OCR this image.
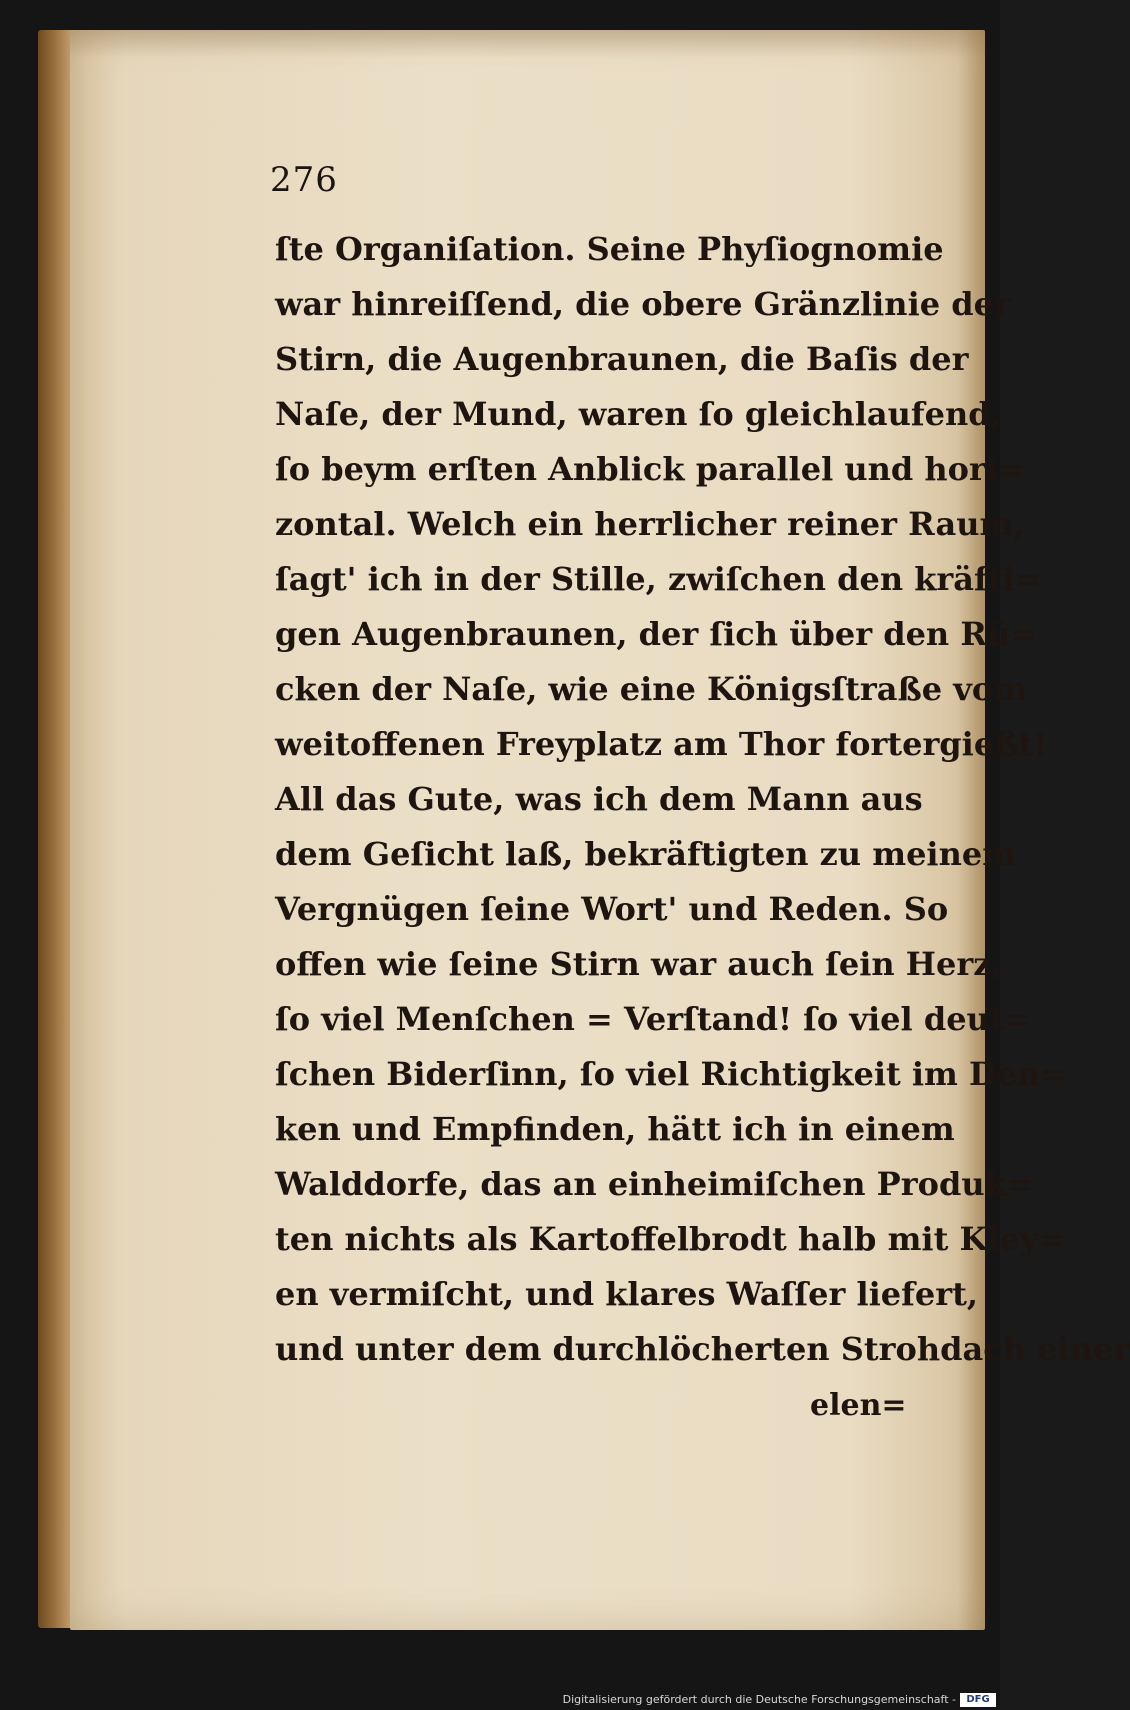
276
ſte Organiſation. Seine Phyſiognomie
war hinreiſſend, die obere Gränzlinie der
Stirn, die Augenbraunen, die Baſis der
Naſe, der Mund, waren ſo gleichlaufend,
ſo beym erſten Anblick parallel und hori=
zontal. Welch ein herrlicher reiner Raum,
ſagt' ich in der Stille, zwiſchen den kräfti=
gen Augenbraunen, der ſich über den Rü=
cken der Naſe, wie eine Königsſtraße vom
weitoffenen Freyplatz am Thor fortergießt!
All das Gute, was ich dem Mann aus
dem Geſicht laß, bekräftigten zu meinem
Vergnügen ſeine Wort' und Reden. So
offen wie ſeine Stirn war auch ſein Herz,
ſo viel Menſchen = Verſtand! ſo viel deut=
ſchen Biderſinn, ſo viel Richtigkeit im Den=
ken und Empfinden, hätt ich in einem
Walddorfe, das an einheimiſchen Produk=
ten nichts als Kartoffelbrodt halb mit Kley=
en vermiſcht, und klares Waſſer liefert,
und unter dem durchlöcherten Strohdach einer
elen=
Digitalisierung gefördert durch die Deutsche Forschungsgemeinschaft -	DFG
